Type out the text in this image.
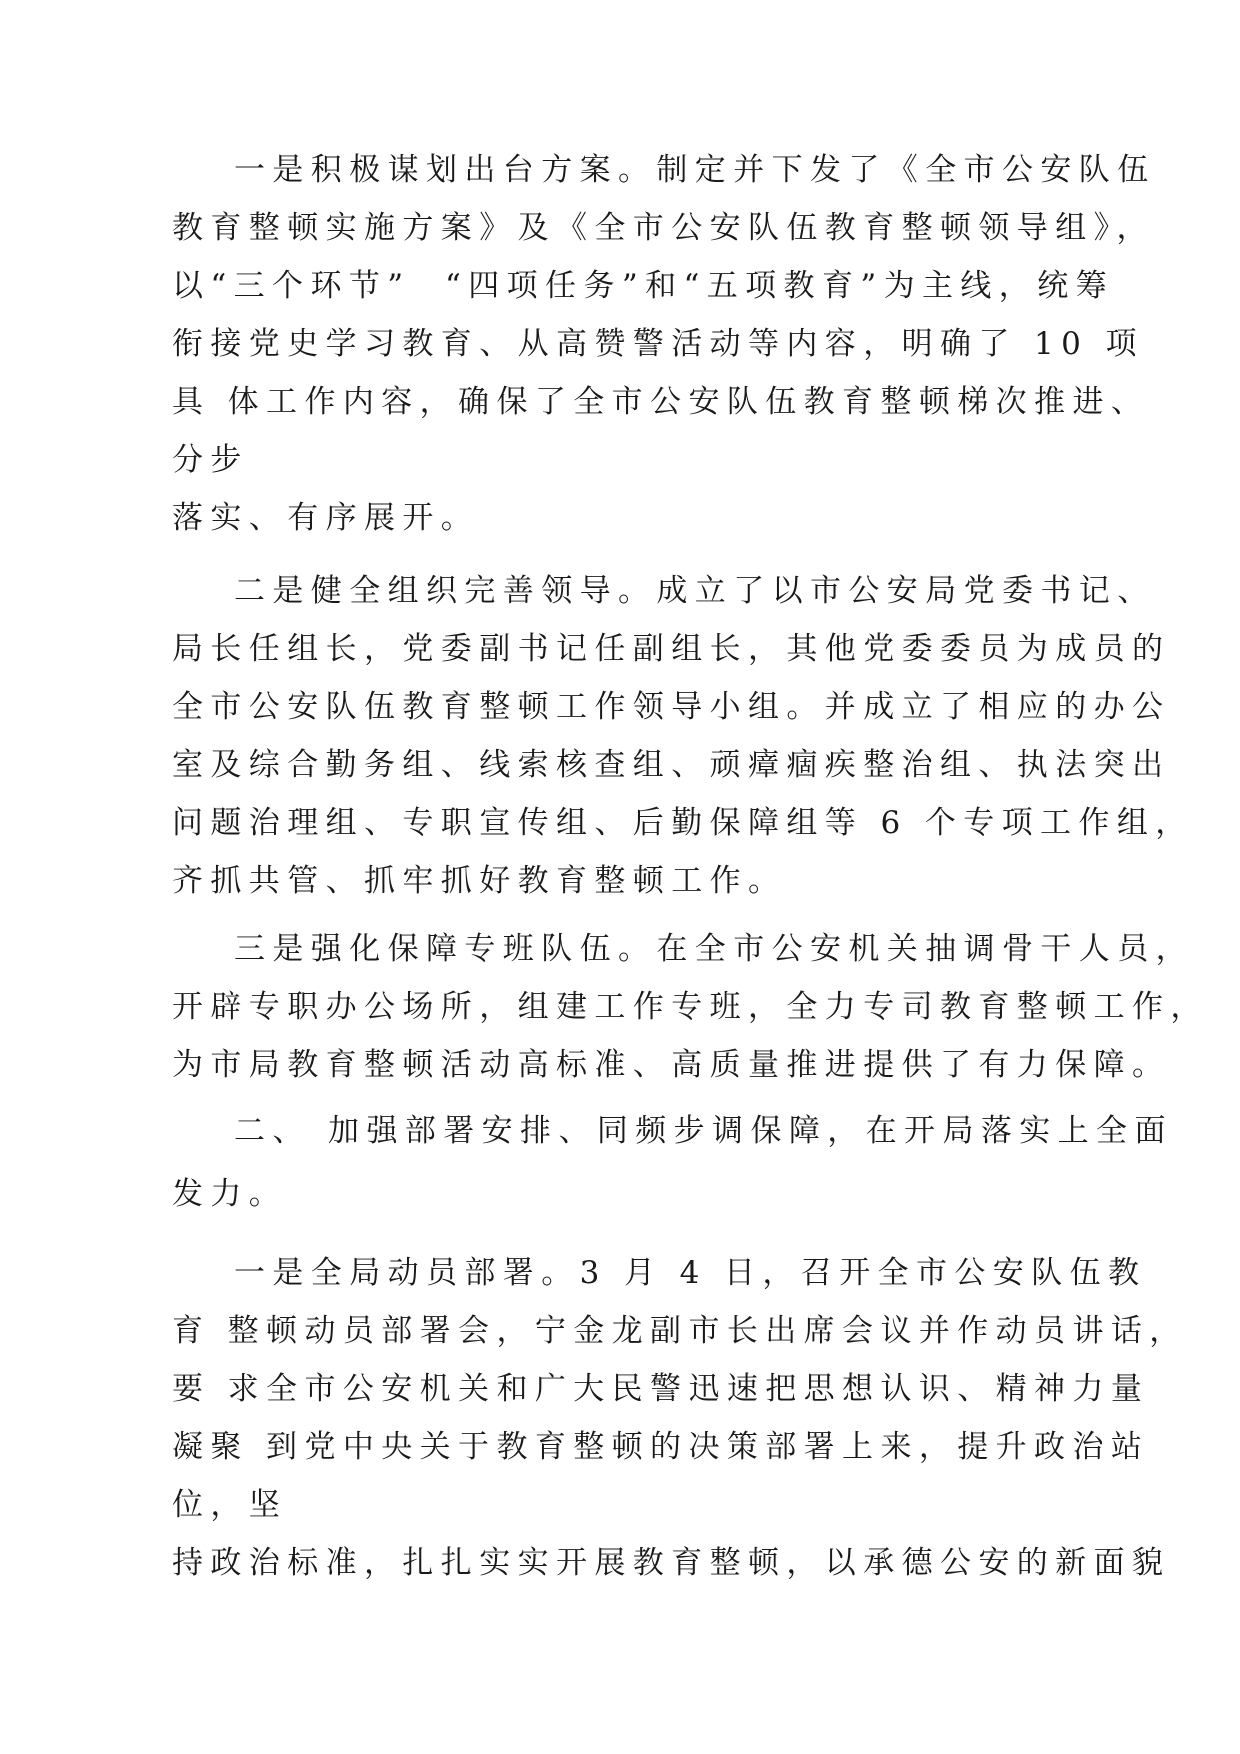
一是积极谋划出台方案。制定并下发了《全市公安队伍
教育整顿实施方案》及《全市公安队伍教育整顿领导组》，
以“三个环节”  “四项任务”和“五项教育”为主线，统筹
衔接党史学习教育、从高赞警活动等内容，明确了 10 项
具 体工作内容，确保了全市公安队伍教育整顿梯次推进、
分步
落实、有序展开。
二是健全组织完善领导。成立了以市公安局党委书记、
局长任组长，党委副书记任副组长，其他党委委员为成员的
全市公安队伍教育整顿工作领导小组。并成立了相应的办公
室及综合勤务组、线索核查组、顽瘴痼疾整治组、执法突出
问题治理组、专职宣传组、后勤保障组等 6 个专项工作组，
齐抓共管、抓牢抓好教育整顿工作。
三是强化保障专班队伍。在全市公安机关抽调骨干人员，
开辟专职办公场所，组建工作专班，全力专司教育整顿工作，
为市局教育整顿活动高标准、高质量推进提供了有力保障。
二、 加强部署安排、同频步调保障，在开局落实上全面
发力。
一是全局动员部署。3 月 4 日，召开全市公安队伍教
育 整顿动员部署会，宁金龙副市长出席会议并作动员讲话，
要 求全市公安机关和广大民警迅速把思想认识、精神力量
凝聚 到党中央关于教育整顿的决策部署上来，提升政治站
位，坚
持政治标准，扎扎实实开展教育整顿，以承德公安的新面貌
